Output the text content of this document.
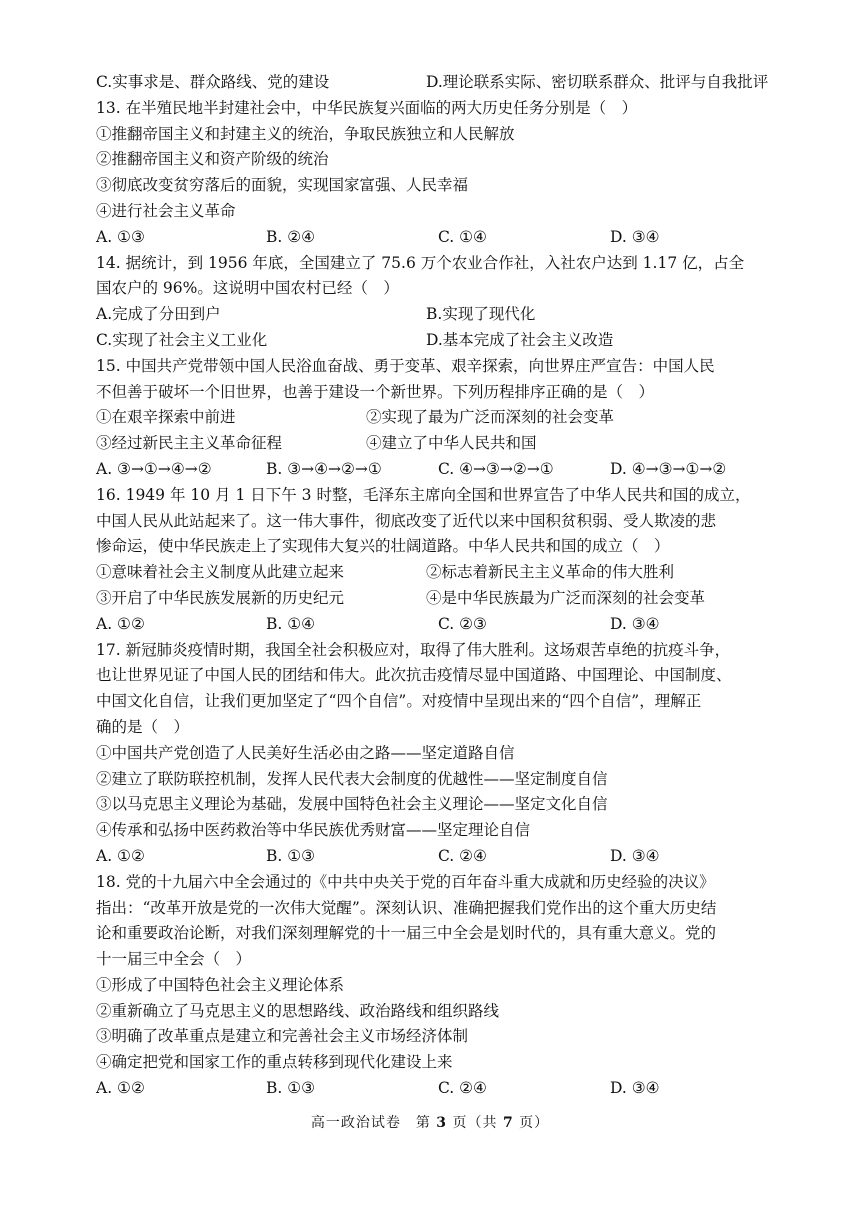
C.实事求是、群众路线、党的建设	D.理论联系实际、密切联系群众、批评与自我批评
13. 在半殖民地半封建社会中，中华民族复兴面临的两大历史任务分别是（　）
①推翻帝国主义和封建主义的统治，争取民族独立和人民解放
②推翻帝国主义和资产阶级的统治
③彻底改变贫穷落后的面貌，实现国家富强、人民幸福
④进行社会主义革命
A. ①③	B. ②④	C. ①④	D. ③④
14. 据统计，到 1956 年底，全国建立了 75.6 万个农业合作社，入社农户达到 1.17 亿，占全
国农户的 96%。这说明中国农村已经（　）
A.完成了分田到户	B.实现了现代化
C.实现了社会主义工业化	D.基本完成了社会主义改造
15. 中国共产党带领中国人民浴血奋战、勇于变革、艰辛探索，向世界庄严宣告：中国人民
不但善于破坏一个旧世界，也善于建设一个新世界。下列历程排序正确的是（　）
①在艰辛探索中前进	②实现了最为广泛而深刻的社会变革
③经过新民主主义革命征程	④建立了中华人民共和国
A. ③→①→④→②	B. ③→④→②→①	C. ④→③→②→①	D. ④→③→①→②
16. 1949 年 10 月 1 日下午 3 时整，毛泽东主席向全国和世界宣告了中华人民共和国的成立，
中国人民从此站起来了。这一伟大事件，彻底改变了近代以来中国积贫积弱、受人欺凌的悲
惨命运，使中华民族走上了实现伟大复兴的壮阔道路。中华人民共和国的成立（　）
①意味着社会主义制度从此建立起来	②标志着新民主主义革命的伟大胜利
③开启了中华民族发展新的历史纪元	④是中华民族最为广泛而深刻的社会变革
A. ①②	B. ①④	C. ②③	D. ③④
17. 新冠肺炎疫情时期，我国全社会积极应对，取得了伟大胜利。这场艰苦卓绝的抗疫斗争，
也让世界见证了中国人民的团结和伟大。此次抗击疫情尽显中国道路、中国理论、中国制度、
中国文化自信，让我们更加坚定了“四个自信”。对疫情中呈现出来的“四个自信”，理解正
确的是（　）
①中国共产党创造了人民美好生活必由之路——坚定道路自信
②建立了联防联控机制，发挥人民代表大会制度的优越性——坚定制度自信
③以马克思主义理论为基础，发展中国特色社会主义理论——坚定文化自信
④传承和弘扬中医药救治等中华民族优秀财富——坚定理论自信
A. ①②	B. ①③	C. ②④	D. ③④
18. 党的十九届六中全会通过的《中共中央关于党的百年奋斗重大成就和历史经验的决议》
指出：“改革开放是党的一次伟大觉醒”。深刻认识、准确把握我们党作出的这个重大历史结
论和重要政治论断，对我们深刻理解党的十一届三中全会是划时代的，具有重大意义。党的
十一届三中全会（　）
①形成了中国特色社会主义理论体系
②重新确立了马克思主义的思想路线、政治路线和组织路线
③明确了改革重点是建立和完善社会主义市场经济体制
④确定把党和国家工作的重点转移到现代化建设上来
A. ①②	B. ①③	C. ②④	D. ③④
高一政治试卷　第 3 页（共 7 页）
